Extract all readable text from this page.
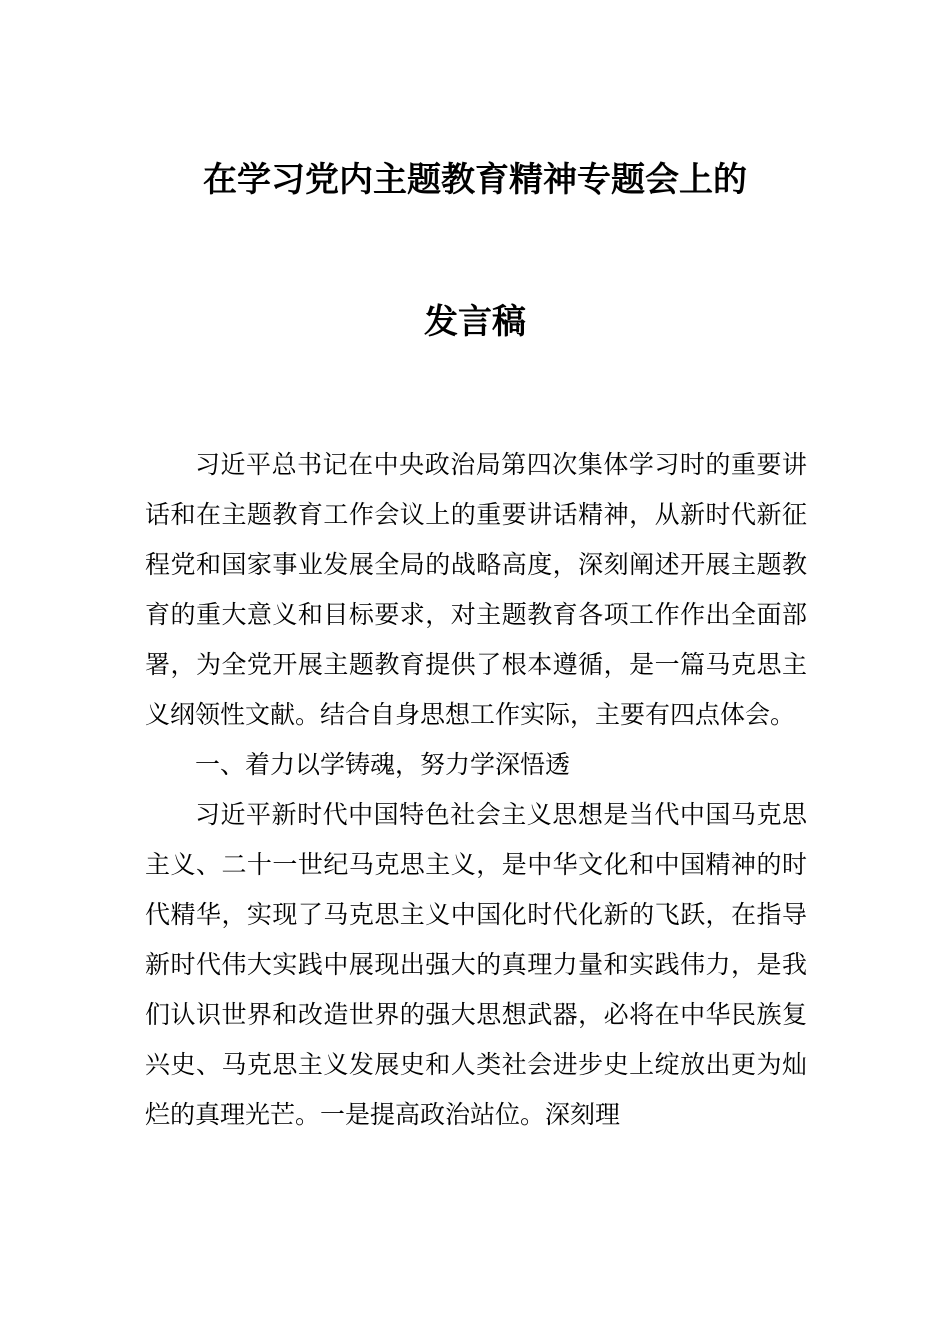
在学习党内主题教育精神专题会上的
发言稿

习近平总书记在中央政治局第四次集体学习时的重要讲话和在主题教育工作会议上的重要讲话精神，从新时代新征程党和国家事业发展全局的战略高度，深刻阐述开展主题教育的重大意义和目标要求，对主题教育各项工作作出全面部署，为全党开展主题教育提供了根本遵循，是一篇马克思主义纲领性文献。结合自身思想工作实际，主要有四点体会。

一、着力以学铸魂，努力学深悟透

习近平新时代中国特色社会主义思想是当代中国马克思主义、二十一世纪马克思主义，是中华文化和中国精神的时代精华，实现了马克思主义中国化时代化新的飞跃，在指导新时代伟大实践中展现出强大的真理力量和实践伟力，是我们认识世界和改造世界的强大思想武器，必将在中华民族复兴史、马克思主义发展史和人类社会进步史上绽放出更为灿烂的真理光芒。一是提高政治站位。深刻理
